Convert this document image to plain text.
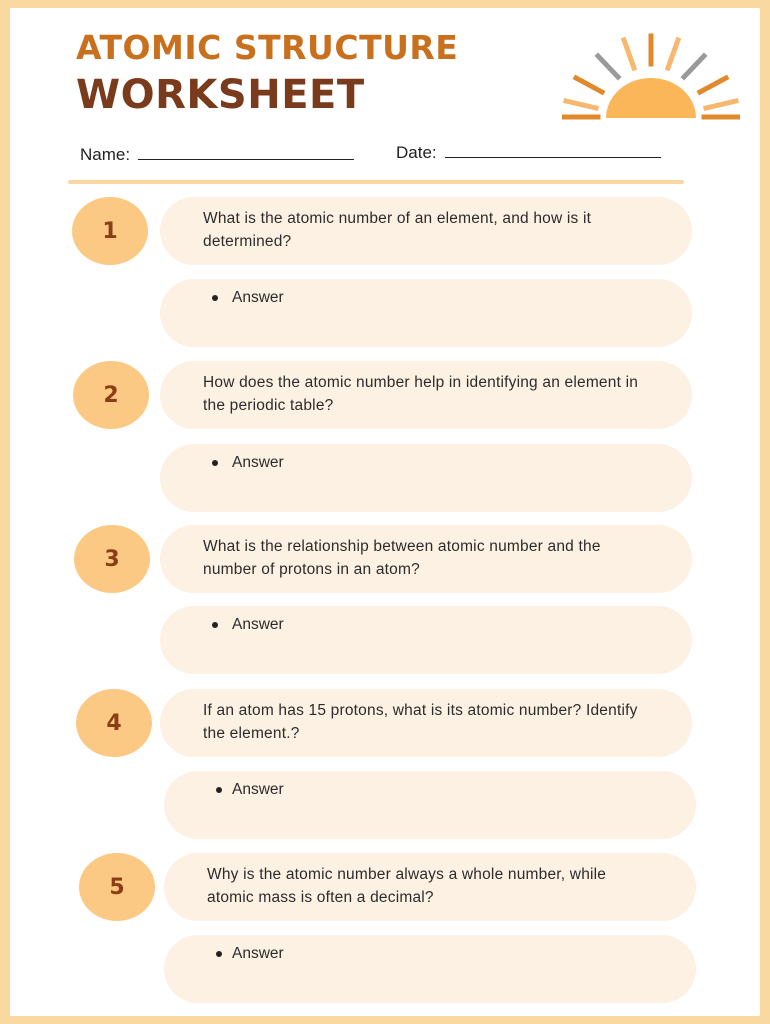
ATOMIC STRUCTURE
WORKSHEET
Name:	Date:
1	What is the atomic number of an element, and how is it determined?
Answer
2	How does the atomic number help in identifying an element in the periodic table?
Answer
3	What is the relationship between atomic number and the number of protons in an atom?
Answer
4	If an atom has 15 protons, what is its atomic number? Identify the element.?
Answer
5	Why is the atomic number always a whole number, while atomic mass is often a decimal?
Answer
